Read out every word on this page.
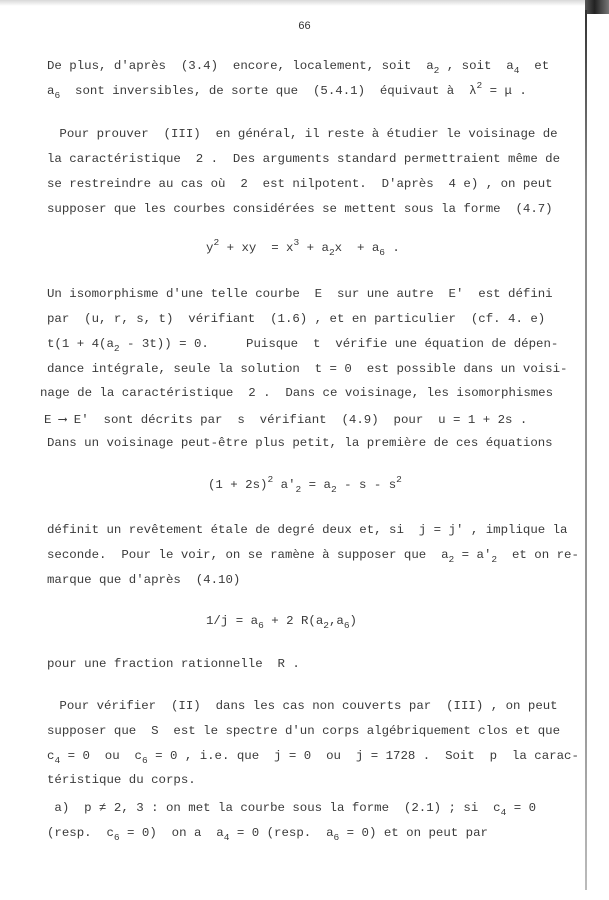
66
De plus, d'après  (3.4)  encore, localement, soit  $a_2$ , soit  $a_4$  et
$a_6$  sont inversibles, de sorte que  (5.4.1)  équivaut à  $\lambda^2 = \mu$ .
Pour prouver  (III)  en général, il reste à étudier le voisinage de
la caractéristique  2 .  Des arguments standard permettraient même de
se restreindre au cas où  2  est nilpotent.  D'après  4 e) , on peut
supposer que les courbes considérées se mettent sous la forme  (4.7)
$y^2$ + xy  = $x^3 + a_2x + a_6$ .
Un isomorphisme d'une telle courbe  E  sur une autre  E'  est défini
par  (u, r, s, t)  vérifiant  (1.6) , et en particulier  (cf. 4. e)
$t(1 + 4(a_2 - 3t)) = 0$.     Puisque  t  vérifie une équation de dépen-
dance intégrale, seule la solution  t = 0  est possible dans un voisi-
nage de la caractéristique  2 .  Dans ce voisinage, les isomorphismes
E ⟶ E'  sont décrits par  s  vérifiant  (4.9)  pour  u = 1 + 2s .
Dans un voisinage peut-être plus petit, la première de ces équations
$(1 + 2s)^2$ $a'_2 = a_2 - s - s^2$
définit un revêtement étale de degré deux et, si  j = j' , implique la
seconde.  Pour le voir, on se ramène à supposer que  $a_2 = a'_2$  et on re-
marque que d'après  (4.10)
$1/j = a_6 + 2$ $R(a_2,a_6)$
pour une fraction rationnelle  R .
Pour vérifier  (II)  dans les cas non couverts par  (III) , on peut
supposer que  S  est le spectre d'un corps algébriquement clos et que
$c_4 = 0$  ou  $c_6 = 0$ , i.e. que  j = 0  ou  j = 1728 .  Soit  p  la carac-
téristique du corps.
a)  p ≠ 2, 3 : on met la courbe sous la forme  (2.1) ; si  $c_4 = 0$
(resp.  $c_6 = 0$)  on a  $a_4 = 0$ (resp.  $a_6 = 0$) et on peut par
